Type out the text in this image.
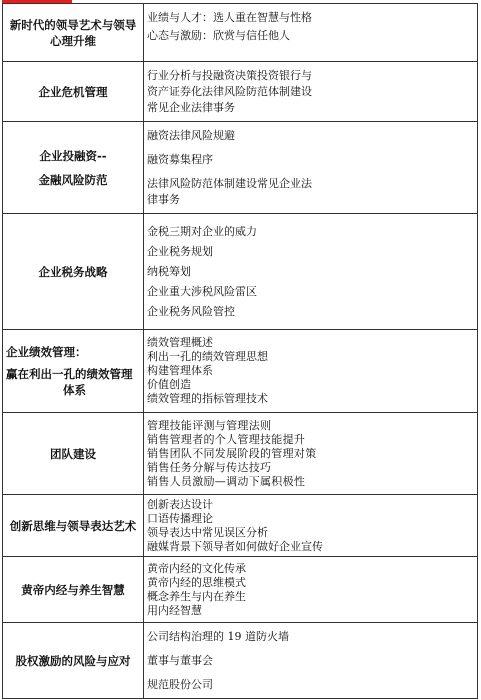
新时代的领导艺术与领导
心理升维	业绩与人才：选人重在智慧与性格
心态与激励：欣赏与信任他人

企业危机管理	行业分析与投融资决策投资银行与
资产证券化法律风险防范体制建设
常见企业法律事务

企业投融资--
金融风险防范	融资法律风险规避
融资募集程序
法律风险防范体制建设常见企业法
律事务

企业税务战略	金税三期对企业的威力
企业税务规划
纳税筹划
企业重大涉税风险雷区
企业税务风险管控

企业绩效管理：
赢在利出一孔的绩效管理
体系	绩效管理概述
利出一孔的绩效管理思想
构建管理体系
价值创造
绩效管理的指标管理技术

团队建设	管理技能评测与管理法则
销售管理者的个人管理技能提升
销售团队不同发展阶段的管理对策
销售任务分解与传达技巧
销售人员激励—调动下属积极性

创新思维与领导表达艺术	创新表达设计
口语传播理论
领导表达中常见误区分析
融媒背景下领导者如何做好企业宣传

黄帝内经与养生智慧	黄帝内经的文化传承
黄帝内经的思维模式
概念养生与内在养生
用内经智慧

股权激励的风险与应对	公司结构治理的 19 道防火墙
董事与董事会
规范股份公司
